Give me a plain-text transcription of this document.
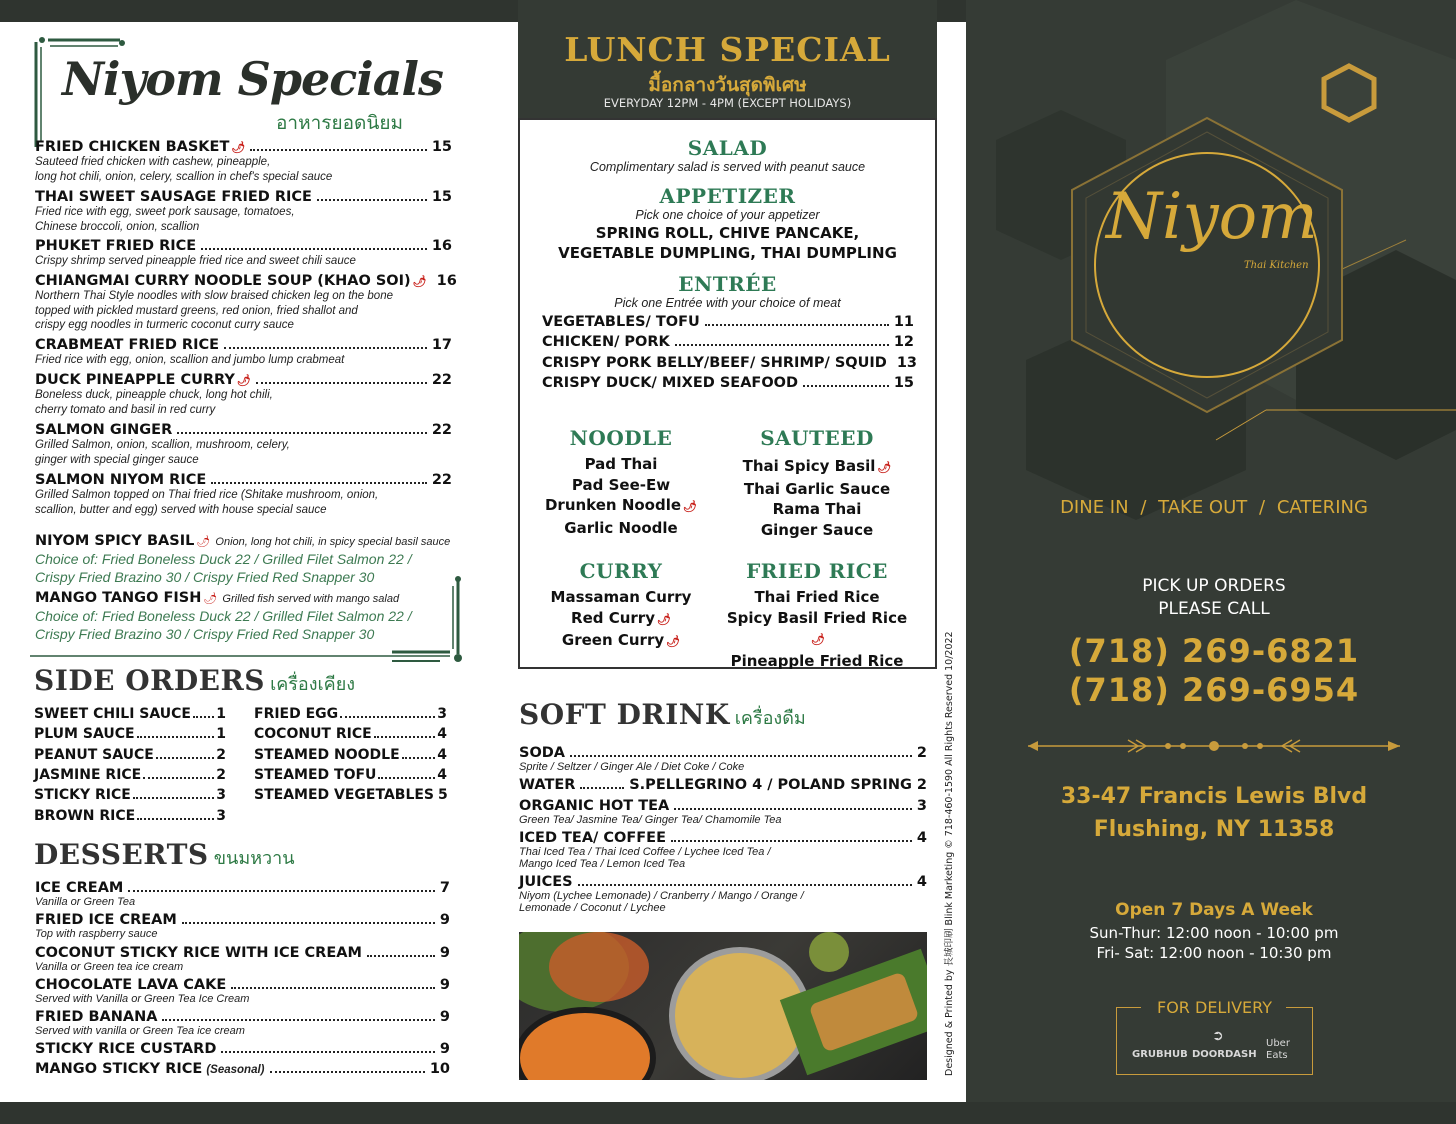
Niyom Specials
อาหารยอดนิยม
FRIED CHICKEN BASKET 🌶	15
Sauteed fried chicken with cashew, pineapple,
long hot chili, onion, celery, scallion in chef's special sauce
THAI SWEET SAUSAGE FRIED RICE	15
Fried rice with egg, sweet pork sausage, tomatoes,
Chinese broccoli, onion, scallion
PHUKET FRIED RICE	16
Crispy shrimp served pineapple fried rice and sweet chili sauce
CHIANGMAI CURRY NOODLE SOUP (KHAO SOI) 🌶 16
Northern Thai Style noodles with slow braised chicken leg on the bone
topped with pickled mustard greens, red onion, fried shallot and
crispy egg noodles in turmeric coconut curry sauce
CRABMEAT FRIED RICE	17
Fried rice with egg, onion, scallion and jumbo lump crabmeat
DUCK PINEAPPLE CURRY 🌶	22
Boneless duck, pineapple chuck, long hot chili,
cherry tomato and basil in red curry
SALMON GINGER	22
Grilled Salmon, onion, scallion, mushroom, celery,
ginger with special ginger sauce
SALMON NIYOM RICE	22
Grilled Salmon topped on Thai fried rice (Shitake mushroom, onion,
scallion, butter and egg) served with house special sauce
NIYOM SPICY BASIL 🌶 Onion, long hot chili, in spicy special basil sauce
Choice of: Fried Boneless Duck 22 / Grilled Filet Salmon 22 /
Crispy Fried Brazino 30 / Crispy Fried Red Snapper 30
MANGO TANGO FISH 🌶 Grilled fish served with mango salad
Choice of: Fried Boneless Duck 22 / Grilled Filet Salmon 22 /
Crispy Fried Brazino 30 / Crispy Fried Red Snapper 30
SIDE ORDERS เครื่องเคียง
SWEET CHILI SAUCE 1
PLUM SAUCE	1
PEANUT SAUCE	2
JASMINE RICE	2
STICKY RICE	3
BROWN RICE	3
FRIED EGG	3
COCONUT RICE	4
STEAMED NOODLE	4
STEAMED TOFU	4
STEAMED VEGETABLES 5
DESSERTS ขนมหวาน
ICE CREAM	7
Vanilla or Green Tea
FRIED ICE CREAM	9
Top with raspberry sauce
COCONUT STICKY RICE WITH ICE CREAM	9
Vanilla or Green tea ice cream
CHOCOLATE LAVA CAKE	9
Served with Vanilla or Green Tea Ice Cream
FRIED BANANA	9
Served with vanilla or Green Tea ice cream
STICKY RICE CUSTARD	9
MANGO STICKY RICE (Seasonal)	10
LUNCH SPECIAL
มื้อกลางวันสุดพิเศษ
EVERYDAY 12PM - 4PM (EXCEPT HOLIDAYS)
SALAD
Complimentary salad is served with peanut sauce
APPETIZER
Pick one choice of your appetizer
SPRING ROLL, CHIVE PANCAKE,
VEGETABLE DUMPLING, THAI DUMPLING
ENTRÉE
Pick one Entrée with your choice of meat
VEGETABLES/ TOFU	11
CHICKEN/ PORK	12
CRISPY PORK BELLY/BEEF/ SHRIMP/ SQUID 13
CRISPY DUCK/ MIXED SEAFOOD	15
NOODLE
Pad Thai
Pad See-Ew
Drunken Noodle 🌶
Garlic Noodle
SAUTEED
Thai Spicy Basil 🌶
Thai Garlic Sauce
Rama Thai
Ginger Sauce
CURRY
Massaman Curry
Red Curry 🌶
Green Curry 🌶
FRIED RICE
Thai Fried Rice
Spicy Basil Fried Rice🌶
Pineapple Fried Rice
SOFT DRINK เครื่องดืม
SODA	2
Sprite / Seltzer / Ginger Ale / Diet Coke / Coke
WATER	S.PELLEGRINO 4 / POLAND SPRING 2
ORGANIC HOT TEA	3
Green Tea/ Jasmine Tea/ Ginger Tea/ Chamomile Tea
ICED TEA/ COFFEE	4
Thai Iced Tea / Thai Iced Coffee / Lychee Iced Tea /
Mango Iced Tea / Lemon Iced Tea
JUICES	4
Niyom (Lychee Lemonade) / Cranberry / Mango / Orange /
Lemonade / Coconut / Lychee	Designed & Printed by 長城印刷 Blink Marketing © 718-460-1590 All Rights Reserved 10/2022
Niyom
Thai Kitchen
DINE IN / TAKE OUT / CATERING
PICK UP ORDERS
PLEASE CALL
(718) 269-6821
(718) 269-6954
33-47 Francis Lewis Blvd
Flushing, NY 11358
Open 7 Days A Week
Sun-Thur: 12:00 noon - 10:00 pm
Fri- Sat: 12:00 noon - 10:30 pm
FOR DELIVERY
GRUBHUB DOORDASH
➲	Uber
Eats
